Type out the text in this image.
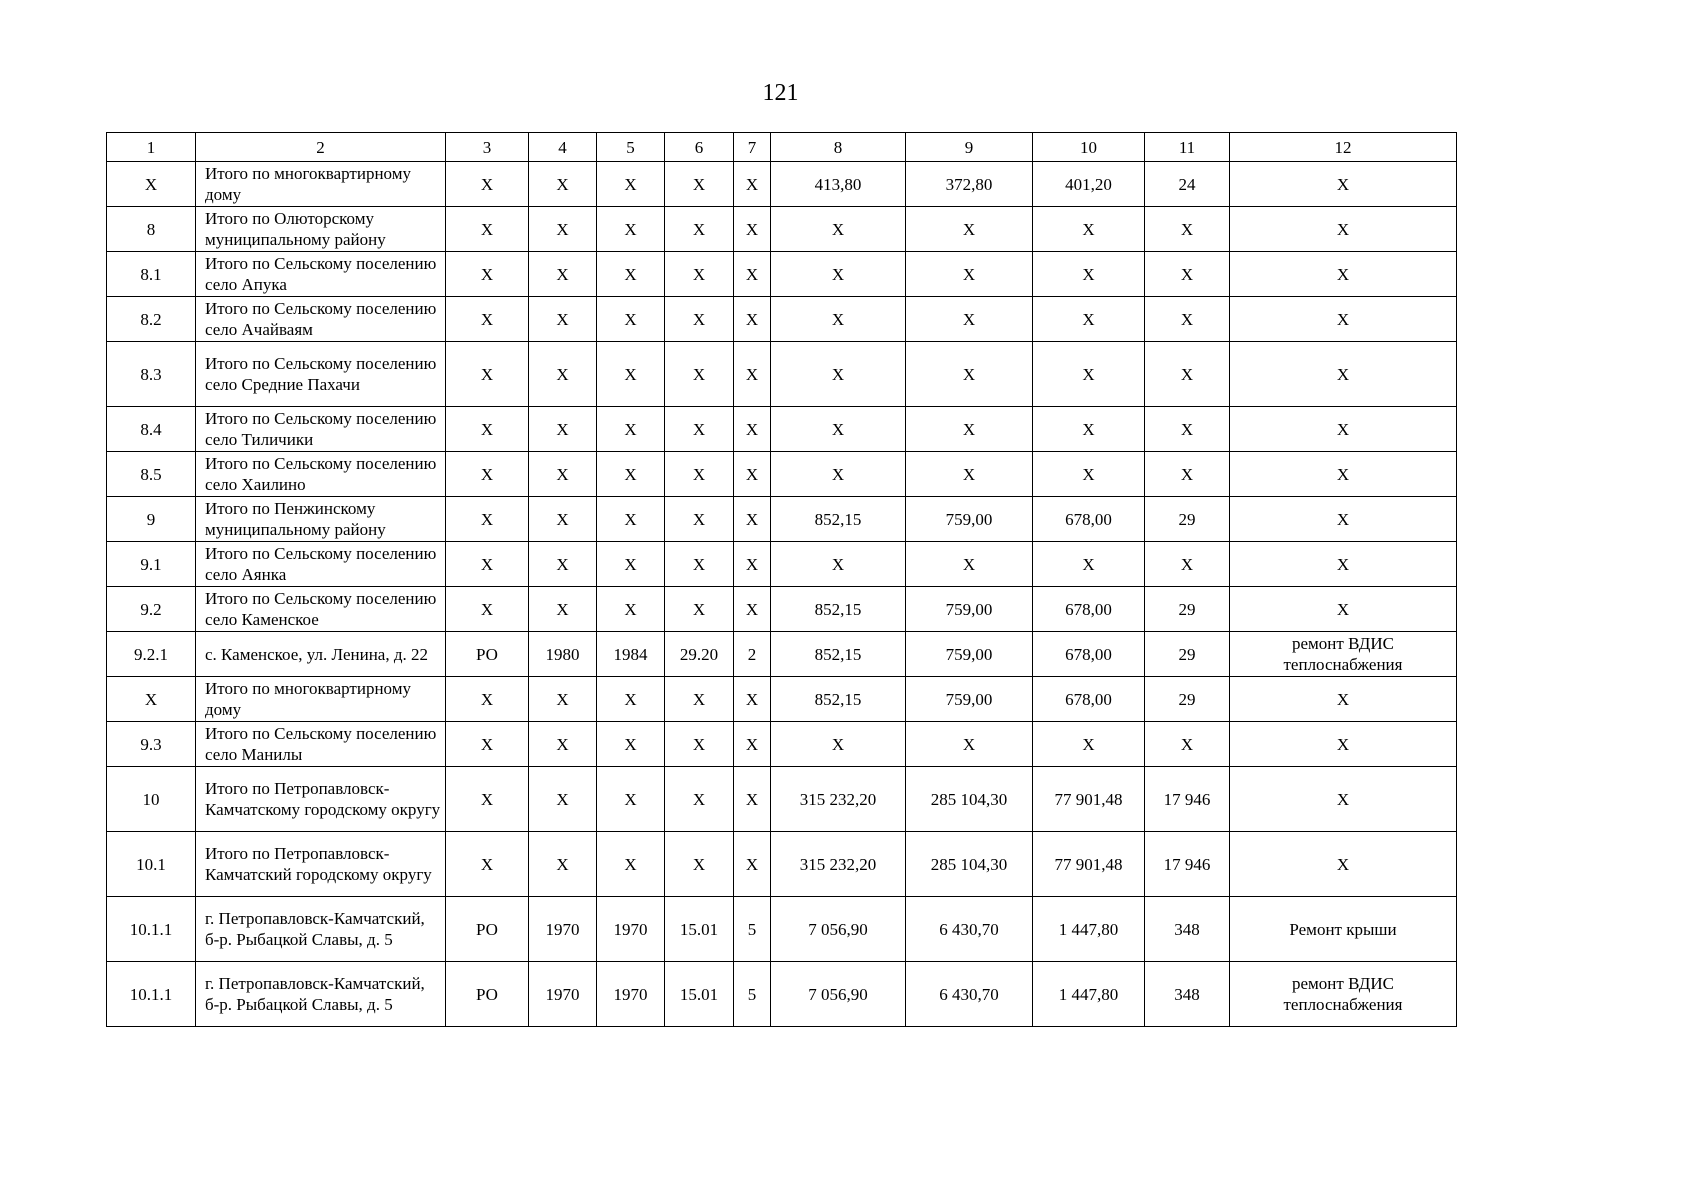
121
1	2	3	4	5	6	7	8	9	10	11	12
X	Итого по многоквартирному дому	X	X	X	X	X	413,80	372,80	401,20	24	X
8	Итого по Олюторскому муниципальному району	X	X	X	X	X	X	X	X	X	X
8.1	Итого по Сельскому поселению село Апука	X	X	X	X	X	X	X	X	X	X
8.2	Итого по Сельскому поселению село Ачайваям	X	X	X	X	X	X	X	X	X	X
8.3	Итого по Сельскому поселению село Средние Пахачи	X	X	X	X	X	X	X	X	X	X
8.4	Итого по Сельскому поселению село Тиличики	X	X	X	X	X	X	X	X	X	X
8.5	Итого по Сельскому поселению село Хаилино	X	X	X	X	X	X	X	X	X	X
9	Итого по Пенжинскому муниципальному району	X	X	X	X	X	852,15	759,00	678,00	29	X
9.1	Итого по Сельскому поселению село Аянка	X	X	X	X	X	X	X	X	X	X
9.2	Итого по Сельскому поселению село Каменское	X	X	X	X	X	852,15	759,00	678,00	29	X
9.2.1	с. Каменское, ул. Ленина, д. 22	РО	1980	1984	29.20	2	852,15	759,00	678,00	29	ремонт ВДИС теплоснабжения
X	Итого по многоквартирному дому	X	X	X	X	X	852,15	759,00	678,00	29	X
9.3	Итого по Сельскому поселению село Манилы	X	X	X	X	X	X	X	X	X	X
10	Итого по Петропавловск-Камчатскому городскому округу	X	X	X	X	X	315 232,20	285 104,30	77 901,48	17 946	X
10.1	Итого по Петропавловск-Камчатский городскому округу	X	X	X	X	X	315 232,20	285 104,30	77 901,48	17 946	X
10.1.1	г. Петропавловск-Камчатский, б-р. Рыбацкой Славы, д. 5	РО	1970	1970	15.01	5	7 056,90	6 430,70	1 447,80	348	Ремонт крыши
10.1.1	г. Петропавловск-Камчатский, б-р. Рыбацкой Славы, д. 5	РО	1970	1970	15.01	5	7 056,90	6 430,70	1 447,80	348	ремонт ВДИС теплоснабжения
